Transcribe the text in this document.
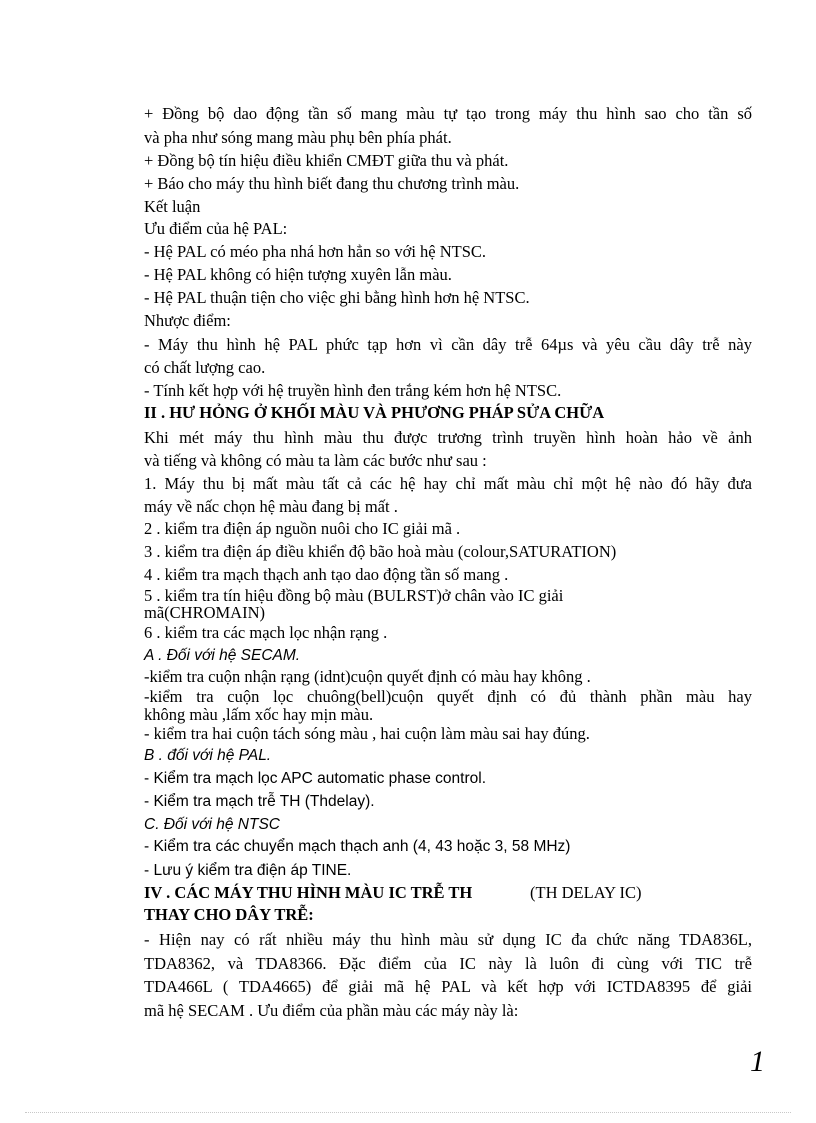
+ Đồng bộ dao động tần số mang màu tự tạo trong máy thu hình sao cho tần số
và pha như sóng mang màu phụ bên phía phát.
+ Đồng bộ tín hiệu điều khiển CMĐT giữa thu và phát.
+ Báo cho máy thu hình biết đang thu chương trình màu.
Kết luận
Ưu điểm của hệ PAL:
- Hệ PAL có méo pha nhá hơn hẳn so với hệ NTSC.
- Hệ PAL không có hiện tượng xuyên lẫn màu.
- Hệ PAL thuận tiện cho việc ghi bằng hình hơn hệ NTSC.
Nhược điểm:
- Máy thu hình hệ PAL phức tạp hơn vì cần dây trễ 64µs và yêu cầu dây trễ này
có chất lượng cao.
- Tính kết hợp với hệ truyền hình đen trắng kém hơn hệ NTSC.
II . HƯ HỎNG Ở KHỐI MÀU VÀ PHƯƠNG PHÁP SỬA CHỮA
Khi mét máy thu hình màu thu được trương trình truyền hình hoàn hảo về ảnh
và tiếng và không có màu ta làm các bước như sau :
1. Máy thu bị mất màu tất cả các hệ hay chỉ mất màu chỉ một hệ nào đó hãy đưa
máy về nấc chọn hệ màu đang bị mất .
2 . kiểm tra điện áp nguồn nuôi cho IC giải mã .
3 . kiểm tra điện áp điều khiển độ bão hoà màu (colour,SATURATION)
4 . kiểm tra mạch thạch anh tạo dao động tần số mang .
5 . kiểm tra tín hiệu đồng bộ màu (BULRST)ở chân vào IC giải
mã(CHROMAIN)
6 . kiểm tra các mạch lọc nhận rạng .
A . Đối với hệ SECAM.
-kiểm tra cuộn nhận rạng (idnt)cuộn quyết định có màu hay không .
-kiểm tra cuộn lọc chuông(bell)cuộn quyết định có đủ thành phần màu hay
không màu ,lấm xốc hay mịn màu.
- kiểm tra hai cuộn tách sóng màu , hai cuộn làm màu sai hay đúng.
B . đối với hệ PAL.
- Kiểm tra mạch lọc APC automatic phase control.
- Kiểm tra mạch trễ TH (Thdelay).
C. Đối với hệ NTSC
- Kiểm tra các chuyển mạch thạch anh (4, 43 hoặc 3, 58 MHz)
- Lưu ý kiểm tra điện áp TINE.
IV . CÁC MÁY THU HÌNH MÀU IC TRỄ TH	(TH DELAY IC)
THAY CHO DÂY TRỄ:
- Hiện nay có rất nhiều máy thu hình màu sử dụng IC đa chức năng TDA836L,
TDA8362, và TDA8366. Đặc điểm của IC này là luôn đi cùng với TIC trễ
TDA466L ( TDA4665) để giải mã hệ PAL và kết hợp với ICTDA8395 để giải
mã hệ SECAM . Ưu điểm của phần màu các máy này là:
1
